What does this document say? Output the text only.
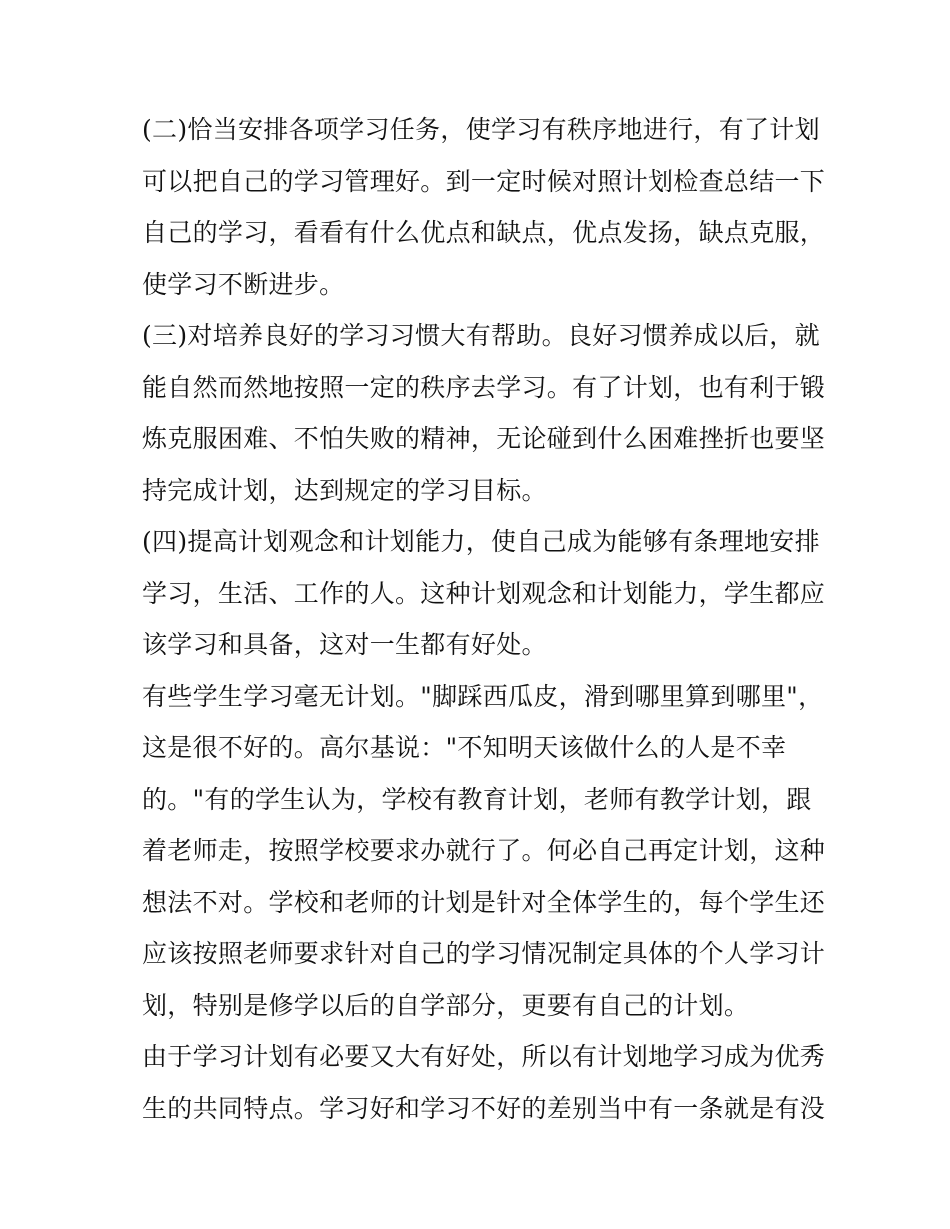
(二)恰当安排各项学习任务，使学习有秩序地进行，有了计划
可以把自己的学习管理好。到一定时候对照计划检查总结一下
自己的学习，看看有什么优点和缺点，优点发扬，缺点克服，
使学习不断进步。
(三)对培养良好的学习习惯大有帮助。良好习惯养成以后，就
能自然而然地按照一定的秩序去学习。有了计划，也有利于锻
炼克服困难、不怕失败的精神，无论碰到什么困难挫折也要坚
持完成计划，达到规定的学习目标。
(四)提高计划观念和计划能力，使自己成为能够有条理地安排
学习，生活、工作的人。这种计划观念和计划能力，学生都应
该学习和具备，这对一生都有好处。
有些学生学习毫无计划。"脚踩西瓜皮，滑到哪里算到哪里"，
这是很不好的。高尔基说："不知明天该做什么的人是不幸
的。"有的学生认为，学校有教育计划，老师有教学计划，跟
着老师走，按照学校要求办就行了。何必自己再定计划，这种
想法不对。学校和老师的计划是针对全体学生的，每个学生还
应该按照老师要求针对自己的学习情况制定具体的个人学习计
划，特别是修学以后的自学部分，更要有自己的计划。
由于学习计划有必要又大有好处，所以有计划地学习成为优秀
生的共同特点。学习好和学习不好的差别当中有一条就是有没
